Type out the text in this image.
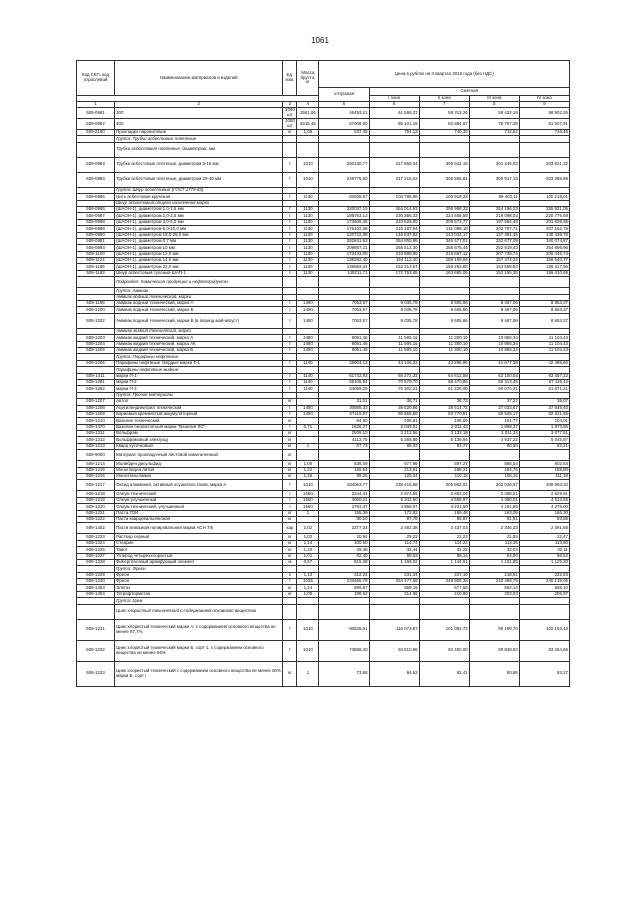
1061
Код СКП, код отраслевой	Наименование материалов и изделий	Ед. изм.	Масса брутто, кг	Цена в рублях на II квартал 2016 года (без НДС)				
				отпускная	Сметная			
					I зона	II зона	III зона	IV зона
1	2	3	4	5	6	7	8	9
509-0981	300	1000 шт	1561,65	46493,21	61 586,37	59 313,26	58 422,19	58 902,26
509-0982	400	1000 шт	4515,45	57008,60	85 101,18	82 884,67	78 757,38	81 507,91
509-2150	Прокладки паронитовые	кг	1,05	537,45	754,13	740,30	712,62	726,46
	Группа: Трубки асбестовые плетеные							
	Трубки асбестовые плетеные, диаметром, мм							
509-0983	Трубки асбестовые плетеные, диаметром 5-15 мм	т	1010	250130,77	317 868,04	305 941,19	301 345,03	303 821,32
509-0984	Трубки асбестовые плетеные, диаметром 20-40 мм	т	1010	249775,60	317 215,02	305 506,81	300 917,15	303 386,95
	Группа: Шнур асбестовый (ГОСТ 1779-83)							
509-0985	Нить асбестовая крученая	т	1130	82508,57	104 786,86	100 918,28	99 402,11	100 219,01
	Шнур асбестовый общего назначения марки							
509-0986	(ШАОН-1), диаметром 1,0-1,5 мм	т	1130	220037,15	264 014,93	256 968,33	254 196,23	255 921,05
509-0987	(ШАОН-1), диаметром 2,0-2,5 мм	т	1130	189763,13	230 366,33	224 658,58	216 098,02	220 776,68
509-0988	(ШАОН-1), диаметром 3,0-5,0 мм	т	1130	173506,45	210 626,05	205 573,77	197 564,48	201 828,35
509-0989	(ШАОН-1), диаметром 6,0-10,0 мм	т	1130	176102,38	215 187,94	211 098,18	202 797,71	207 162,79
509-0990	(ШАОН-1), диаметром 18,0-25,0 мм	т	1130	120722,38	146 637,82	143 034,17	137 481,45	140 438,76
509-0991	(ШАОН-1), диаметром 0,7 мм	т	1130	282841,63	354 855,98	346 577,01	332 677,09	340 074,87
509-0993	(ШАОН-1), диаметром 10 мм	т	1130	209857,21	266 512,30	256 675,44	252 819,43	254 896,96
509-1100	(ШАОН-1), диаметром 12,0 мм	т	1130	172433,08	216 988,95	215 667,12	207 738,74	206 445,74
509-1124	(ШАОН-1), диаметром 14,0 мм	т	1130	138292,40	164 112,40	159 169,84	157 472,22	158 540,77
509-1186	(ШАОН-1), диаметром 22,0 мм	т	1130	136593,44	163 313,67	159 252,88	153 558,84	156 417,96
509-1193	Шнур асбестовый сухоный ШАП-1	т	1130	149211,71	172 753,45	163 685,05	152 195,35	156 410,69
	Подраздел: Химическая продукция и нефтепродукты							
	Группа: Аммиак							
	Аммиак водный технический, марки							
509-1199	Аммиак водный технический, марка А	т	1490	7053,57	9 035,78	8 605,86	8 467,06	8 653,37
509-1200	Аммиак водный технический, марка Б	т	1490	7053,57	9 035,78	8 605,86	8 467,06	8 653,37
509-1202	Аммиак водный технический, марки Б (в период май-август)	т	1490	7053,57	9 035,78	8 605,86	8 467,06	8 653,37
	Аммиак жидкий технический, марки							
509-1203	Аммиак жидкий технический, марка А	т	1490	9051,46	11 595,16	11 300,10	10 865,34	11 104,43
509-1204	Аммиак жидкий технический, марка АК	т	1490	9051,46	11 595,16	11 300,10	10 865,34	11 104,43
509-1205	Аммиак жидкий технический, марка Б	т	1490	9051,46	11 595,16	11 300,10	10 865,34	11 104,43
	Группа: Парафины нефтяные							
509-1206	Парафины нефтяные твердые марки Т-1	т	1140	25004,13	44 105,22	43 295,95	41 677,38	42 486,66
	Парафины нефтяные жидкие:							
509-1411	марки П-1	т	1140	51742,93	66 272,33	64 612,58	62 100,54	63 457,22
509-1281	марки П-2	т	1140	55105,94	70 579,70	68 470,86	66 313,45	67 115,42
509-1282	марки П-3	т	1140	54059,29	70 302,21	61 228,00	60 076,31	61 671,21
	Группа: Прочие материалы							
509-1207	Автол	кг		31,01	38,71	38,73	37,22	38,07
509-1208	Ацетилендинитрил технический	т	1490	30889,33	39 520,86	38 514,72	37 033,67	37 848,40
509-1209	Бариевый кремнистый аккумуляторный	т	1490	67119,97	85 858,68	83 770,51	80 545,17	82 321,65
509-1210	Вазелин технический	кг		84,50	108,61	105,69	101,77	104,01
509-1470	Вазелин бескислотный марки "Вазелин ЛС"	т	0,71	1626,27	2 049,01	2 011,43	1 898,37	1 973,85
509-1211	Вольфрам	кг		2506,10	3 213,56	3 133,18	3 011,34	3 077,51
509-1212	Вольфрамовый электрод	кг		4113,75	5 268,89	5 136,94	4 937,22	5 045,87
509-1213	Кварц кусочковый	кг	1	67,73	85,33	83,77	80,65	82,21
509-9000	Материал прокладочный листовой измельченный	кг						
509-1214	Молибден дисульфид	кг	1,00	538,09	677,99	597,27	586,54	602,84
509-1215	Моноглицин лития	кг	1,22	169,54	213,61	188,21	184,76	189,80
509-1216	Моноэтаноламин	кг	1,25	99,25	125,04	110,18	108,16	111,18
509-1217	Оксид алюминия, активный осушитель газов, марка А	т	1010	184063,77	238 415,68	205 902,91	202 026,67	208 993,32
509-1218	Олеум технический	т	1550	2244,41	2 874,65	2 803,04	2 458,51	2 529,91
509-1219	Олеум улучшенный	т	1550	4060,21	5 242,60	4 565,97	4 480,01	4 613,66
509-1220	Олеум технический, улучшенный	т	1550	3783,37	4 858,57	4 231,50	4 151,85	4 276,00
509-1221	Паста ГОИ	кг	1	155,39	172,82	169,48	163,09	166,30
509-1222	Пасти кварцевальняноная	кг		80,10	97,78	95,87	91,91	93,86
509-1402	Пасти алмазная полировальная марки АСН 7/5	кар	1,02	2277,32	2 492,38	2 437,03	2 346,33	2 391,68
509-1223	Раствор серный	кг	1,02	20,94	25,22	22,22	21,85	22,47
509-1224	Стеарин	кг	1,14	100,50	114,74	114,24	113,35	113,80
509-1225	Тавот	кг	1,20	29,48	32,44	32,22	32,02	32,11
509-1227	Углерод четыреххлористый	кг	1,01	82,40	89,63	88,14	84,90	86,52
509-1228	Фибергласовый армирующий элемент	м	0,67	815,38	1 166,02	1 144,61	1 101,85	1 125,20
	Группа: Фреон							
509-1229	Фреон	л	1,10	212,24	231,34	227,10	218,61	222,83
509-1230	Фреон	т	1035	233466,78	254 477,68	249 808,38	240 469,75	245 139,05
509-1403	Элегаз	кг	1,14	599,87	669,19	677,59	652,14	665,10
509-1404	Тетрафторметан	кг	1,00	198,62	214,66	210,90	203,03	206,97
	Группа: Цинк							
	Цинк хлористый технический с содержанием основного вещества							
509-1231	Цинк хлористый технический марки А, с содержанием основного вещества не менее 97,7%	т	1010	80625,61	116 073,87	101 092,73	99 189,70	102 153,43
509-1232	Цинк хлористый технический марки Б, сорт 1, с содержанием основного вещества не менее 56%	т	1010	73868,40	94 610,96	82 400,00	80 848,94	83 264,66
509-1233	Цинк хлористый технический с содержанием основного вещества не менее 50% марки Б, сорт I	кг	1	73,88	94,62	82,41	80,86	83,27
